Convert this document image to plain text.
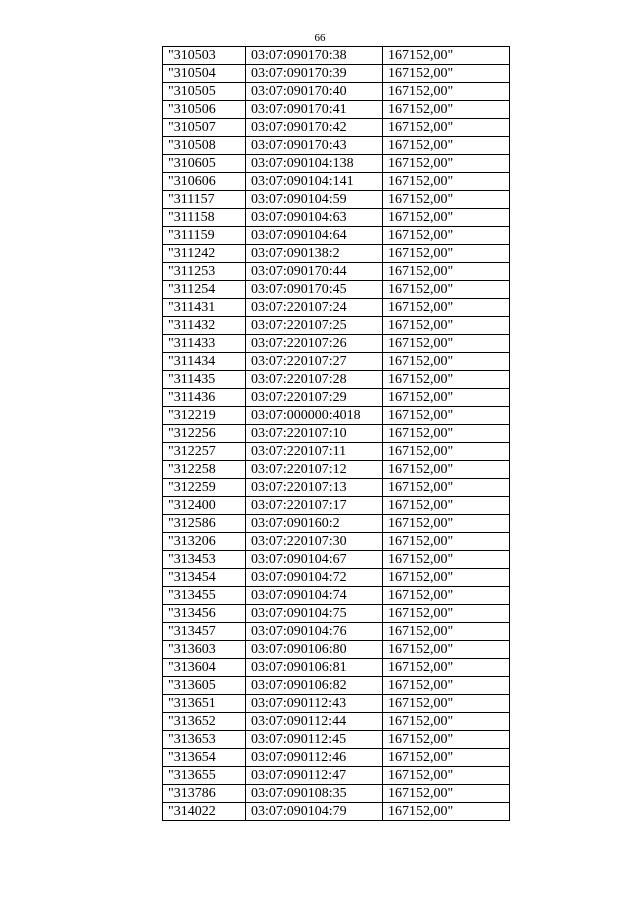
66
"310503	03:07:090170:38	167152,00"
"310504	03:07:090170:39	167152,00"
"310505	03:07:090170:40	167152,00"
"310506	03:07:090170:41	167152,00"
"310507	03:07:090170:42	167152,00"
"310508	03:07:090170:43	167152,00"
"310605	03:07:090104:138	167152,00"
"310606	03:07:090104:141	167152,00"
"311157	03:07:090104:59	167152,00"
"311158	03:07:090104:63	167152,00"
"311159	03:07:090104:64	167152,00"
"311242	03:07:090138:2	167152,00"
"311253	03:07:090170:44	167152,00"
"311254	03:07:090170:45	167152,00"
"311431	03:07:220107:24	167152,00"
"311432	03:07:220107:25	167152,00"
"311433	03:07:220107:26	167152,00"
"311434	03:07:220107:27	167152,00"
"311435	03:07:220107:28	167152,00"
"311436	03:07:220107:29	167152,00"
"312219	03:07:000000:4018	167152,00"
"312256	03:07:220107:10	167152,00"
"312257	03:07:220107:11	167152,00"
"312258	03:07:220107:12	167152,00"
"312259	03:07:220107:13	167152,00"
"312400	03:07:220107:17	167152,00"
"312586	03:07:090160:2	167152,00"
"313206	03:07:220107:30	167152,00"
"313453	03:07:090104:67	167152,00"
"313454	03:07:090104:72	167152,00"
"313455	03:07:090104:74	167152,00"
"313456	03:07:090104:75	167152,00"
"313457	03:07:090104:76	167152,00"
"313603	03:07:090106:80	167152,00"
"313604	03:07:090106:81	167152,00"
"313605	03:07:090106:82	167152,00"
"313651	03:07:090112:43	167152,00"
"313652	03:07:090112:44	167152,00"
"313653	03:07:090112:45	167152,00"
"313654	03:07:090112:46	167152,00"
"313655	03:07:090112:47	167152,00"
"313786	03:07:090108:35	167152,00"
"314022	03:07:090104:79	167152,00"
